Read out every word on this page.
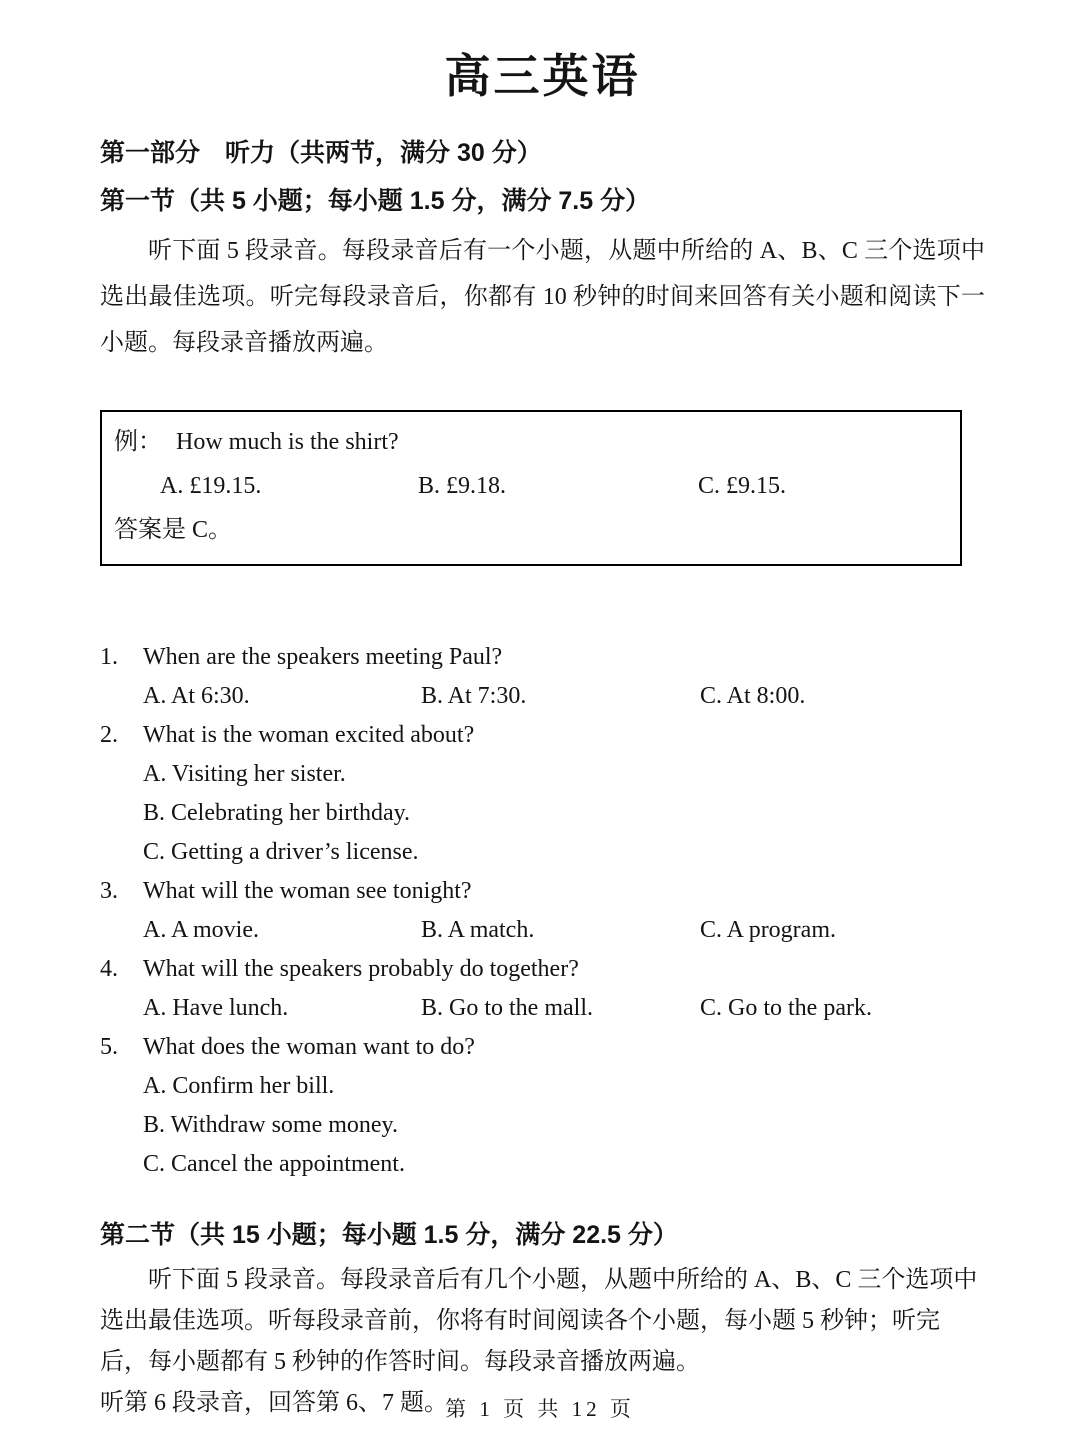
高三英语
第一部分　听力（共两节，满分 30 分）
第一节（共 5 小题；每小题 1.5 分，满分 7.5 分）

听下面 5 段录音。每段录音后有一个小题，从题中所给的 A、B、C 三个选项中选出最佳选项。听完每段录音后，你都有 10 秒钟的时间来回答有关小题和阅读下一小题。每段录音播放两遍。

例： How much is the shirt?
A. £19.15.	B. £9.18.	C. £9.15.
答案是 C。
1.	When are the speakers meeting Paul?
A. At 6:30.	B. At 7:30.	C. At 8:00.
2.	What is the woman excited about?
A. Visiting her sister.
B. Celebrating her birthday.
C. Getting a driver’s license.
3.	What will the woman see tonight?
A. A movie.	B. A match.	C. A program.
4.	What will the speakers probably do together?
A. Have lunch.	B. Go to the mall.	C. Go to the park.
5.	What does the woman want to do?
A. Confirm her bill.
B. Withdraw some money.
C. Cancel the appointment.
第二节（共 15 小题；每小题 1.5 分，满分 22.5 分）

听下面 5 段录音。每段录音后有几个小题，从题中所给的 A、B、C 三个选项中选出最佳选项。听每段录音前，你将有时间阅读各个小题，每小题 5 秒钟；听完后，每小题都有 5 秒钟的作答时间。每段录音播放两遍。

听第 6 段录音，回答第 6、7 题。

第 1 页 共 12 页
